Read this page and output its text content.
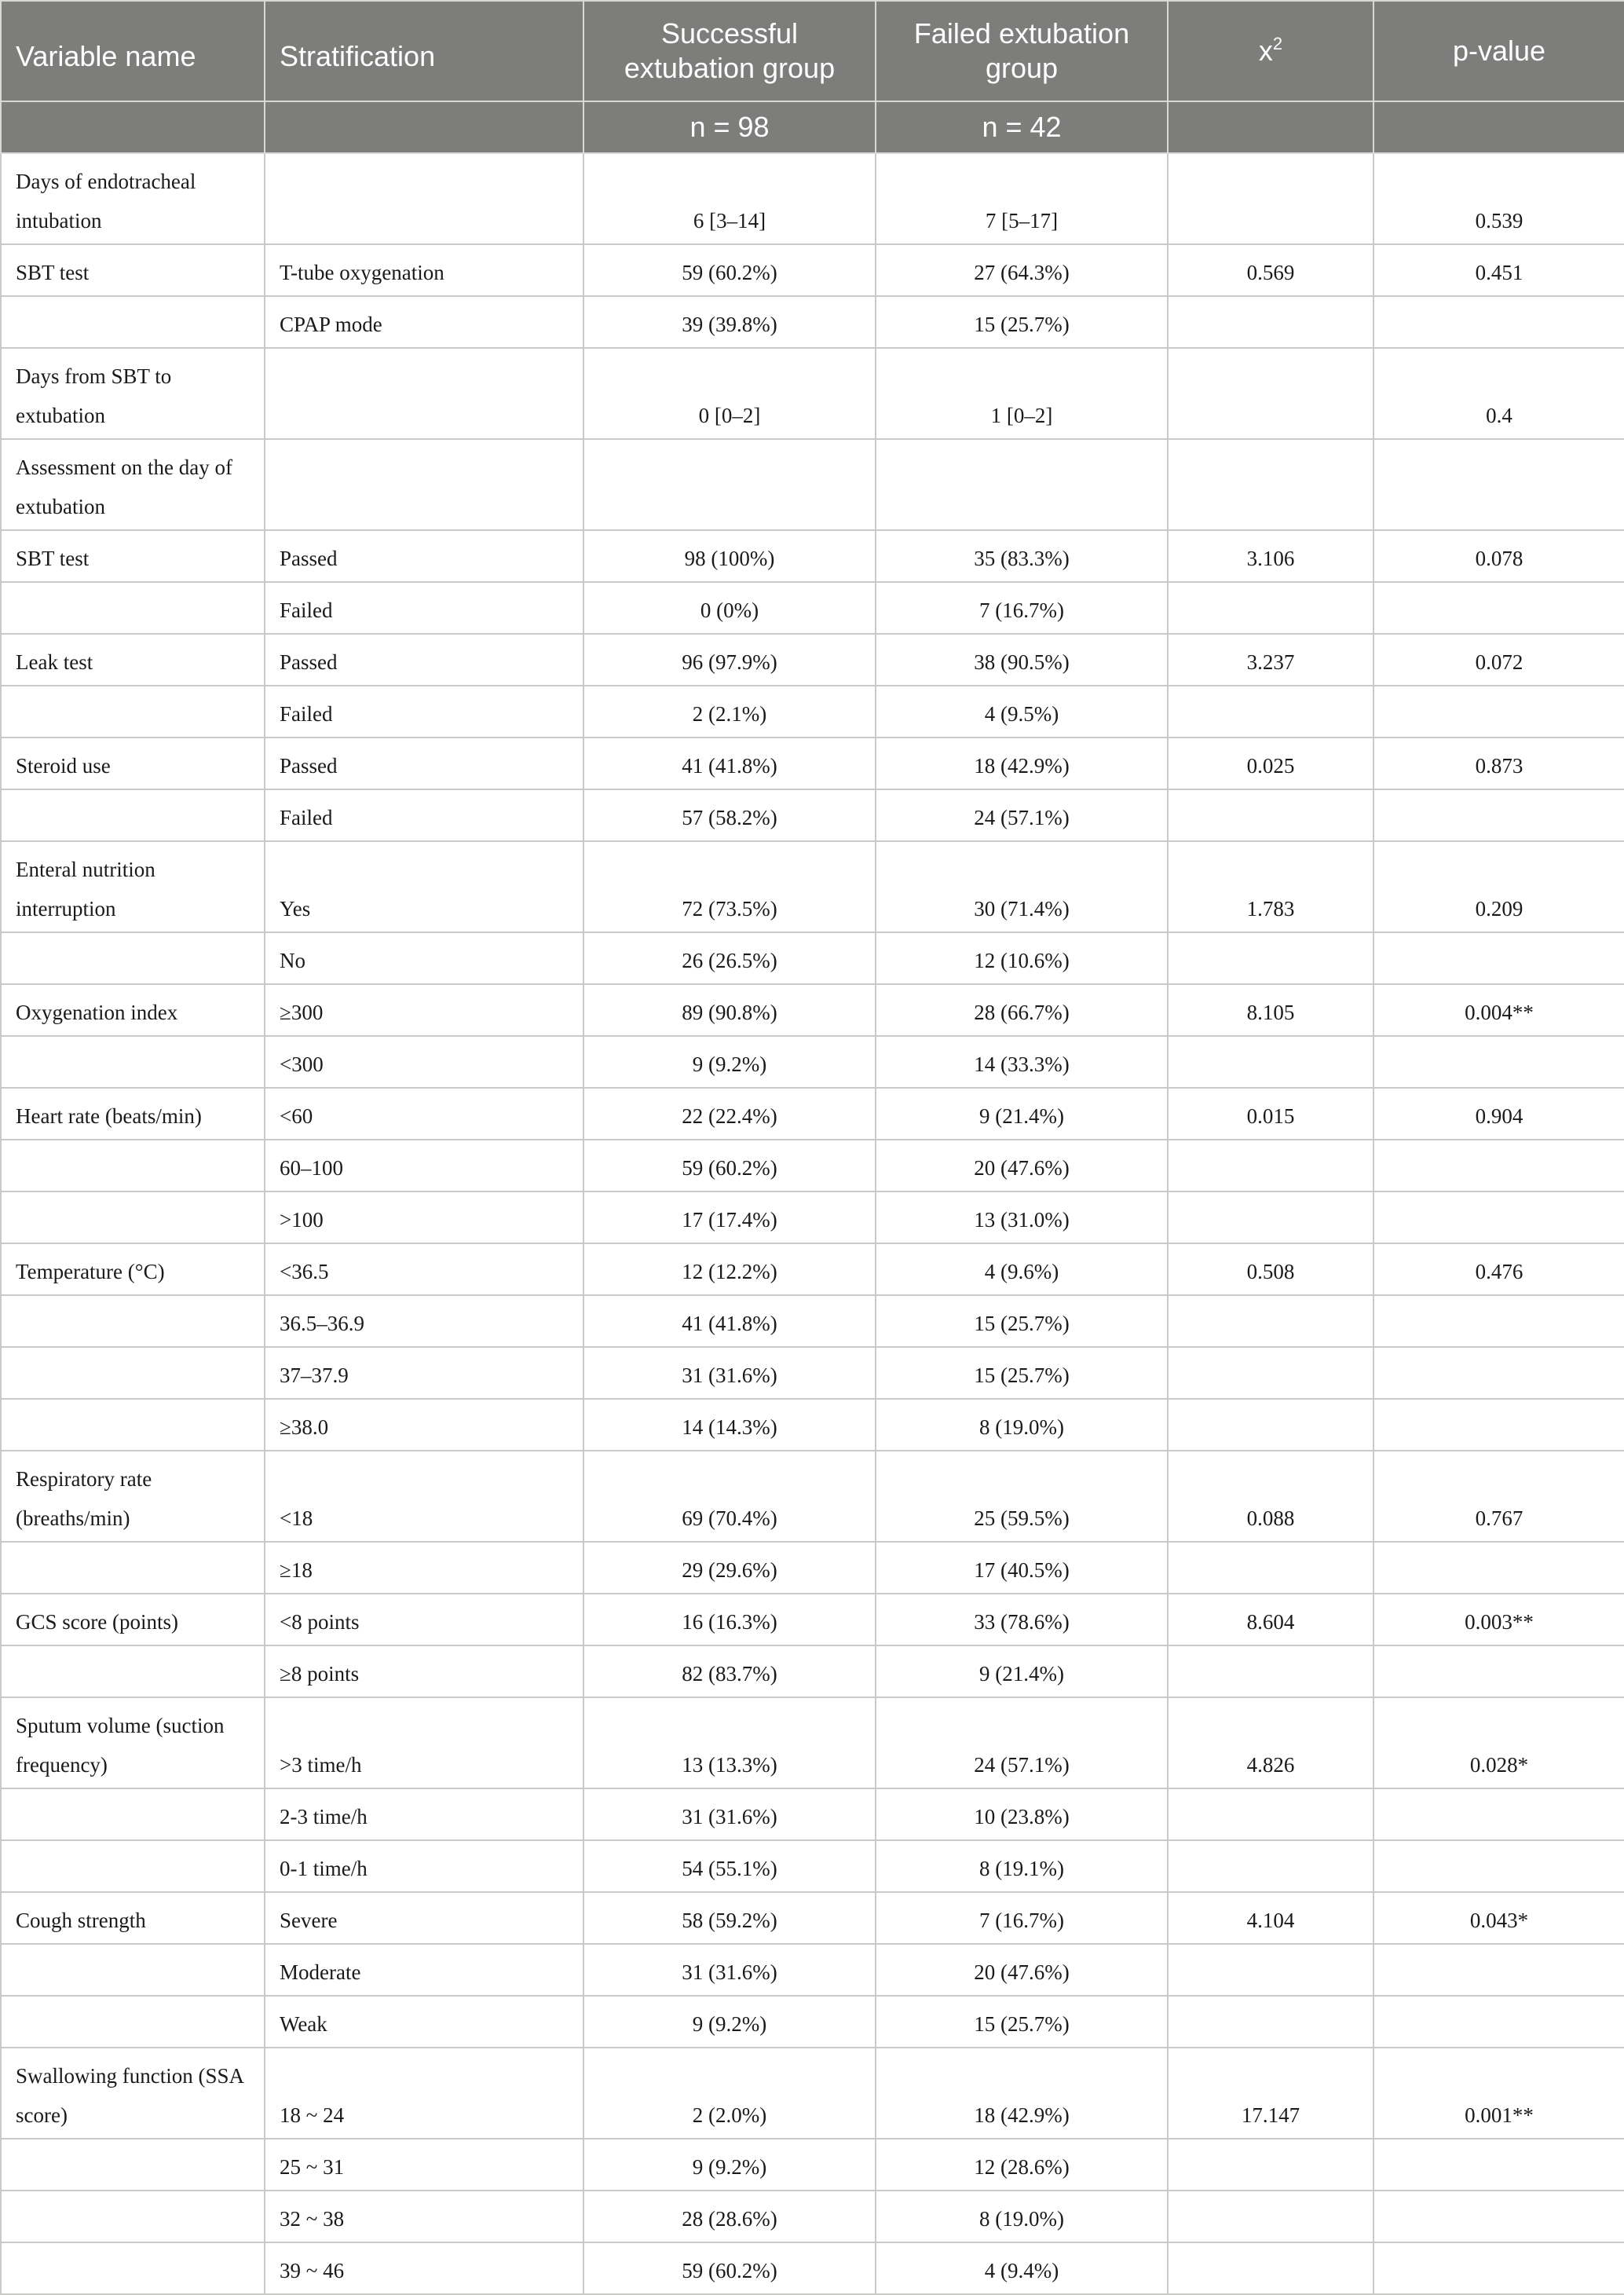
Variable name	Stratification	Successful extubation group	Failed extubation group	$x^2$	p-value
		n = 98	n = 42		
Days of endotracheal intubation		6 [3–14]	7 [5–17]		0.539
SBT test	T-tube oxygenation	59 (60.2%)	27 (64.3%)	0.569	0.451
	CPAP mode	39 (39.8%)	15 (25.7%)		
Days from SBT to extubation		0 [0–2]	1 [0–2]		0.4
Assessment on the day of extubation					
SBT test	Passed	98 (100%)	35 (83.3%)	3.106	0.078
	Failed	0 (0%)	7 (16.7%)		
Leak test	Passed	96 (97.9%)	38 (90.5%)	3.237	0.072
	Failed	2 (2.1%)	4 (9.5%)		
Steroid use	Passed	41 (41.8%)	18 (42.9%)	0.025	0.873
	Failed	57 (58.2%)	24 (57.1%)		
Enteral nutrition interruption	Yes	72 (73.5%)	30 (71.4%)	1.783	0.209
	No	26 (26.5%)	12 (10.6%)		
Oxygenation index	≥300	89 (90.8%)	28 (66.7%)	8.105	0.004**
	<300	9 (9.2%)	14 (33.3%)		
Heart rate (beats/min)	<60	22 (22.4%)	9 (21.4%)	0.015	0.904
	60–100	59 (60.2%)	20 (47.6%)		
	>100	17 (17.4%)	13 (31.0%)		
Temperature (°C)	<36.5	12 (12.2%)	4 (9.6%)	0.508	0.476
	36.5–36.9	41 (41.8%)	15 (25.7%)		
	37–37.9	31 (31.6%)	15 (25.7%)		
	≥38.0	14 (14.3%)	8 (19.0%)		
Respiratory rate (breaths/min)	<18	69 (70.4%)	25 (59.5%)	0.088	0.767
	≥18	29 (29.6%)	17 (40.5%)		
GCS score (points)	<8 points	16 (16.3%)	33 (78.6%)	8.604	0.003**
	≥8 points	82 (83.7%)	9 (21.4%)		
Sputum volume (suction frequency)	>3 time/h	13 (13.3%)	24 (57.1%)	4.826	0.028*
	2-3 time/h	31 (31.6%)	10 (23.8%)		
	0-1 time/h	54 (55.1%)	8 (19.1%)		
Cough strength	Severe	58 (59.2%)	7 (16.7%)	4.104	0.043*
	Moderate	31 (31.6%)	20 (47.6%)		
	Weak	9 (9.2%)	15 (25.7%)		
Swallowing function (SSA score)	18 ~ 24	2 (2.0%)	18 (42.9%)	17.147	0.001**
	25 ~ 31	9 (9.2%)	12 (28.6%)		
	32 ~ 38	28 (28.6%)	8 (19.0%)		
	39 ~ 46	59 (60.2%)	4 (9.4%)		
